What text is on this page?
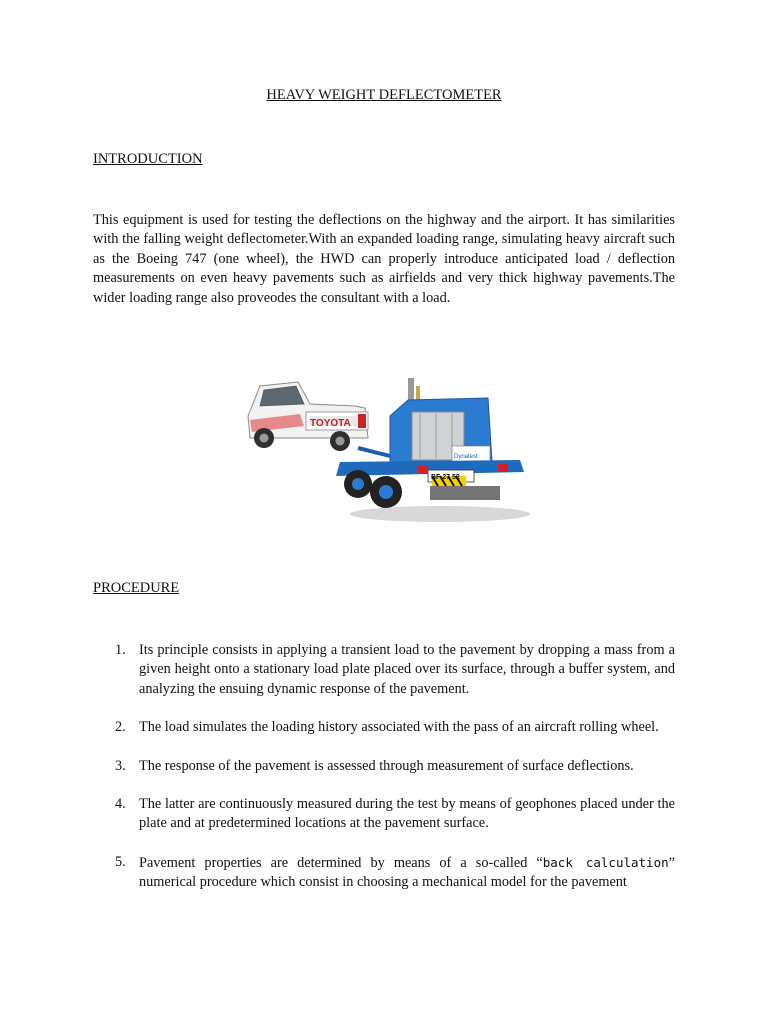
HEAVY WEIGHT DEFLECTOMETER
INTRODUCTION
This equipment is used for testing the deflections on the highway and the airport. It has similarities with the falling weight deflectometer.With an expanded loading range, simulating heavy aircraft such as the Boeing 747 (one wheel), the HWD can properly introduce anticipated load / deflection measurements on even heavy pavements such as airfields and very thick highway pavements.The wider loading range also proveodes the consultant with a load.
TOYOTA
Dynatest
BF 27 52
PROCEDURE
1. Its principle consists in applying a transient load to the pavement by dropping a mass from a given height onto a stationary load plate placed over its surface, through a buffer system, and analyzing the ensuing dynamic response of the pavement.
2. The load simulates the loading history associated with the pass of an aircraft rolling wheel.
3. The response of the pavement is assessed through measurement of surface deflections.
4. The latter are continuously measured during the test by means of geophones placed under the plate and at predetermined locations at the pavement surface.
5. Pavement properties are determined by means of a so-called “back calculation” numerical procedure which consist in choosing a mechanical model for the pavement
